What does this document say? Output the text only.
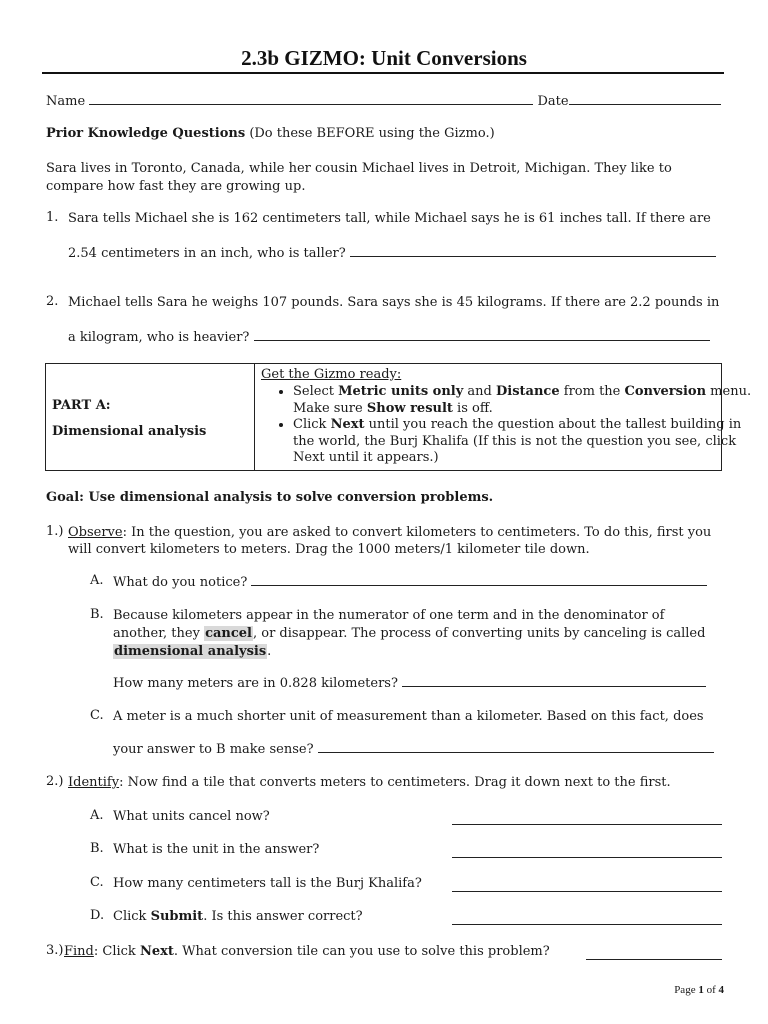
2.3b GIZMO: Unit Conversions
Name	Date
Prior Knowledge Questions (Do these BEFORE using the Gizmo.)
Sara lives in Toronto, Canada, while her cousin Michael lives in Detroit, Michigan. They like to compare how fast they are growing up.
1. Sara tells Michael she is 162 centimeters tall, while Michael says he is 61 inches tall. If there are
2.54 centimeters in an inch, who is taller?
2. Michael tells Sara he weighs 107 pounds. Sara says she is 45 kilograms. If there are 2.2 pounds in
a kilogram, who is heavier?
PART A:
Dimensional analysis
Get the Gizmo ready:
• Select Metric units only and Distance from the Conversion menu. Make sure Show result is off.
• Click Next until you reach the question about the tallest building in the world, the Burj Khalifa (If this is not the question you see, click Next until it appears.)
Goal: Use dimensional analysis to solve conversion problems.
1.) Observe: In the question, you are asked to convert kilometers to centimeters. To do this, first you
will convert kilometers to meters. Drag the 1000 meters/1 kilometer tile down.
A. What do you notice?
B. Because kilometers appear in the numerator of one term and in the denominator of another, they cancel, or disappear. The process of converting units by canceling is called dimensional analysis.
How many meters are in 0.828 kilometers?
C. A meter is a much shorter unit of measurement than a kilometer. Based on this fact, does
your answer to B make sense?
2.) Identify: Now find a tile that converts meters to centimeters. Drag it down next to the first.
A. What units cancel now?
B. What is the unit in the answer?
C. How many centimeters tall is the Burj Khalifa?
D. Click Submit. Is this answer correct?
3.) Find: Click Next. What conversion tile can you use to solve this problem?
Page 1 of 4
